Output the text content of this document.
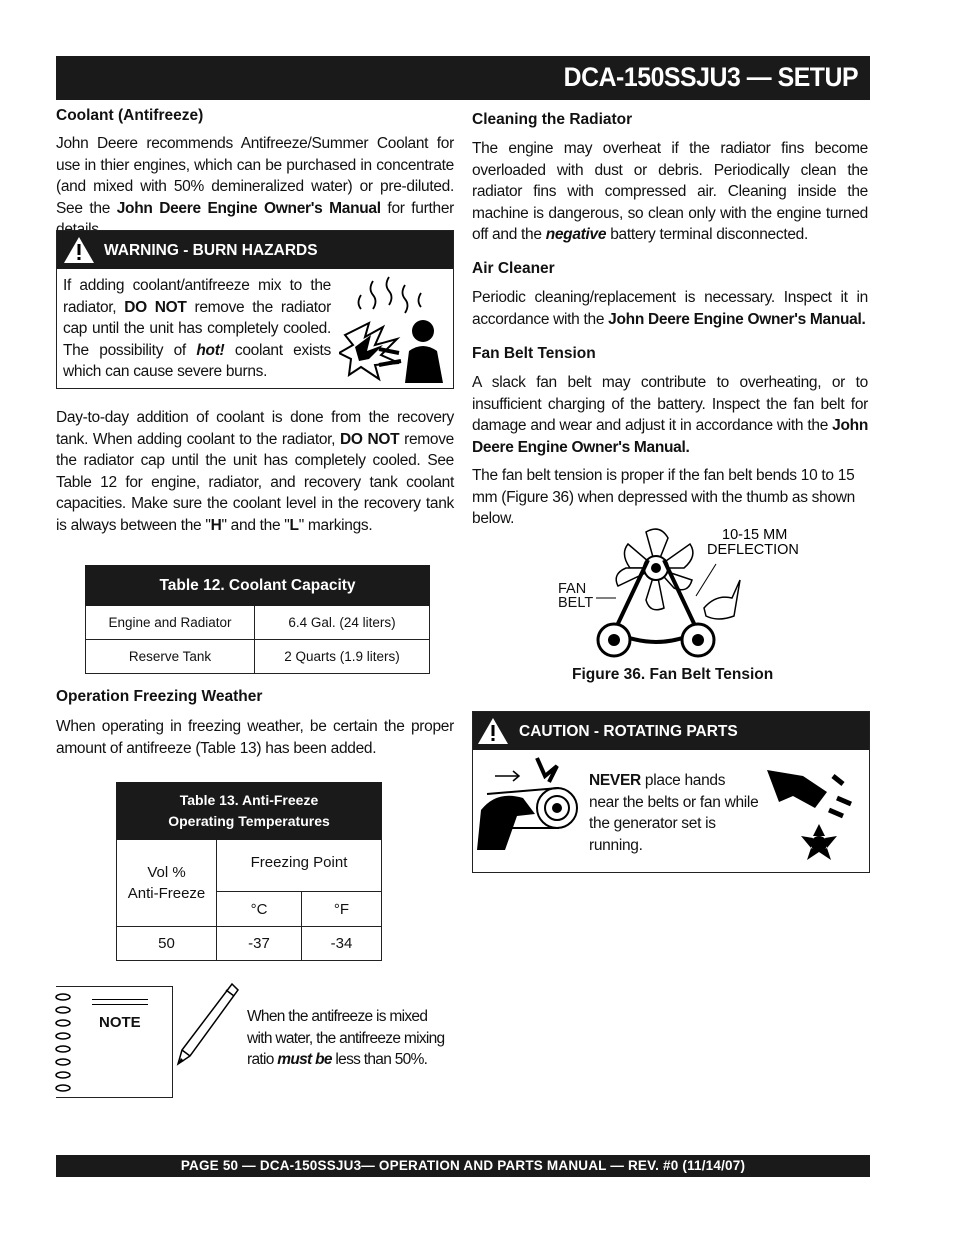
DCA-150SSJU3 — SETUP
Coolant (Antifreeze)
John Deere recommends Antifreeze/Summer Coolant for use in thier engines, which can be purchased in concentrate (and mixed with 50% demineralized water) or pre-diluted. See the John Deere Engine Owner's Manual for further
WARNING - BURN HAZARDS
If adding coolant/antifreeze mix to the radiator, DO NOT remove the radiator cap until the unit has completely cooled. The possibility of hot! coolant exists which can cause severe burns.
Day-to-day addition of coolant is done from the recovery tank. When adding coolant to the radiator, DO NOT remove the radiator cap until the unit has completely cooled. See Table 12 for engine, radiator, and recovery tank coolant capacities. Make sure the coolant level in the recovery tank is always between the "H" and the "L" markings.
Table 12. Coolant Capacity	
Engine and Radiator	6.4 Gal. (24 liters)
Reserve Tank	2 Quarts (1.9 liters)
Operation Freezing Weather
When operating in freezing weather, be certain the proper amount of antifreeze (Table 13) has been added.
Table 13. Anti-Freeze
Operating Temperatures		
Vol %
Anti-Freeze	Freezing Point	
	°C	°F
50	-37	-34
NOTE	When the antifreeze is mixed with water, the antifreeze mixing ratio must be less than 50%.
Cleaning the Radiator
The engine may overheat if the radiator fins become overloaded with dust or debris. Periodically clean the radiator fins with compressed air. Cleaning inside the machine is dangerous, so clean only with the engine turned off and the negative battery terminal disconnected.
Air Cleaner
Periodic cleaning/replacement is necessary. Inspect it in accordance with the John Deere Engine Owner's Manual.
Fan Belt Tension
A slack fan belt may contribute to overheating, or to insufficient charging of the battery. Inspect the fan belt for damage and wear and adjust it in accordance with the John Deere Engine Owner's Manual.
The fan belt tension is proper if the fan belt bends 10 to 15 mm (Figure 36) when depressed with the thumb as shown below.
10-15 MM
DEFLECTION
FAN
BELT
Figure 36. Fan Belt Tension
CAUTION - ROTATING PARTS
NEVER place hands near the belts or fan while the generator set is running.
PAGE 50 — DCA-150SSJU3— OPERATION AND PARTS MANUAL — REV. #0 (11/14/07)
